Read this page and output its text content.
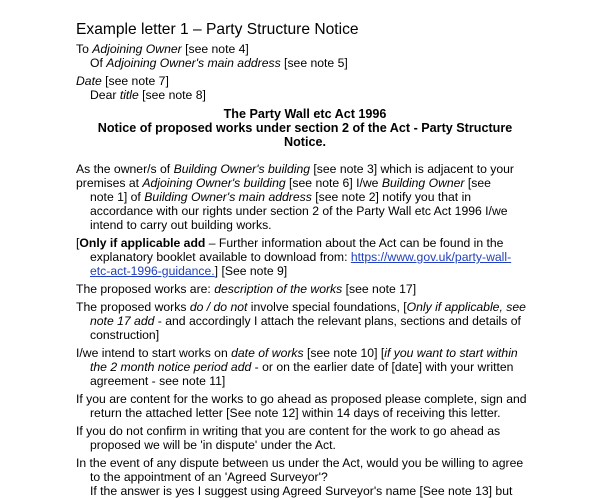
Example letter 1 – Party Structure Notice
To Adjoining Owner [see note 4]
Of Adjoining Owner's main address [see note 5]
Date [see note 7]
Dear title [see note 8]
The Party Wall etc Act 1996
Notice of proposed works under section 2 of the Act - Party Structure
Notice.
As the owner/s of Building Owner's building [see note 3] which is adjacent to your
premises at Adjoining Owner's building [see note 6] I/we Building Owner [see
note 1] of Building Owner's main address [see note 2] notify you that in
accordance with our rights under section 2 of the Party Wall etc Act 1996 I/we
intend to carry out building works.
[Only if applicable add – Further information about the Act can be found in the
explanatory booklet available to download from: https://www.gov.uk/party-wall-
etc-act-1996-guidance.] [See note 9]
The proposed works are: description of the works [see note 17]
The proposed works do / do not involve special foundations, [Only if applicable, see
note 17 add - and accordingly I attach the relevant plans, sections and details of
construction]
I/we intend to start works on date of works [see note 10] [if you want to start within
the 2 month notice period add - or on the earlier date of [date] with your written
agreement - see note 11]
If you are content for the works to go ahead as proposed please complete, sign and
return the attached letter [See note 12] within 14 days of receiving this letter.
If you do not confirm in writing that you are content for the work to go ahead as
proposed we will be 'in dispute' under the Act.
In the event of any dispute between us under the Act, would you be willing to agree
to the appointment of an 'Agreed Surveyor'?
If the answer is yes I suggest using Agreed Surveyor's name [See note 13] but
